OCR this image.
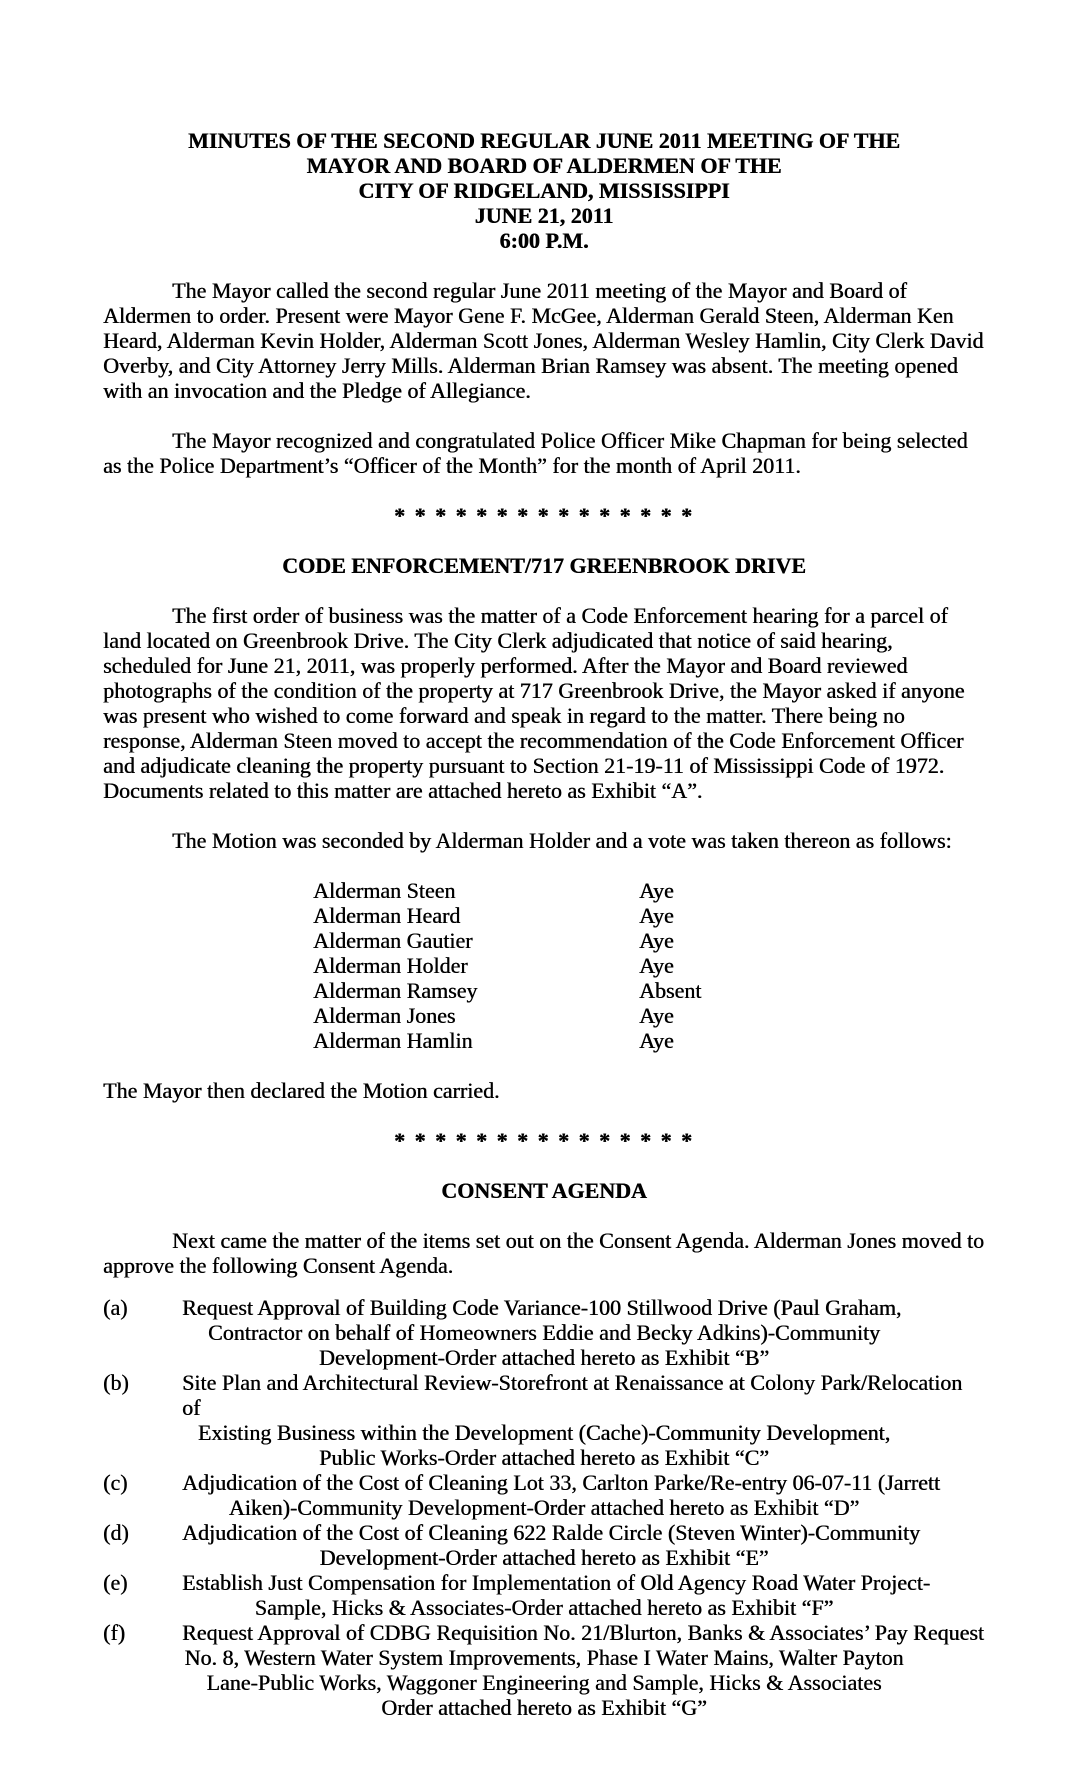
MINUTES OF THE SECOND REGULAR JUNE 2011 MEETING OF THE
MAYOR AND BOARD OF ALDERMEN OF THE
CITY OF RIDGELAND, MISSISSIPPI
JUNE 21, 2011
6:00 P.M.
The Mayor called the second regular June 2011 meeting of the Mayor and Board of Aldermen to order. Present were Mayor Gene F. McGee, Alderman Gerald Steen, Alderman Ken Heard, Alderman Kevin Holder, Alderman Scott Jones, Alderman Wesley Hamlin, City Clerk David Overby, and City Attorney Jerry Mills. Alderman Brian Ramsey was absent. The meeting opened with an invocation and the Pledge of Allegiance.
The Mayor recognized and congratulated Police Officer Mike Chapman for being selected as the Police Department’s “Officer of the Month” for the month of April 2011.
* * * * * * * * * * * * * * *
CODE ENFORCEMENT/717 GREENBROOK DRIVE
The first order of business was the matter of a Code Enforcement hearing for a parcel of land located on Greenbrook Drive. The City Clerk adjudicated that notice of said hearing, scheduled for June 21, 2011, was properly performed. After the Mayor and Board reviewed photographs of the condition of the property at 717 Greenbrook Drive, the Mayor asked if anyone was present who wished to come forward and speak in regard to the matter. There being no response, Alderman Steen moved to accept the recommendation of the Code Enforcement Officer and adjudicate cleaning the property pursuant to Section 21-19-11 of Mississippi Code of 1972. Documents related to this matter are attached hereto as Exhibit “A”.
The Motion was seconded by Alderman Holder and a vote was taken thereon as follows:
Alderman Steen	Aye
Alderman Heard	Aye
Alderman Gautier	Aye
Alderman Holder	Aye
Alderman Ramsey	Absent
Alderman Jones	Aye
Alderman Hamlin	Aye
The Mayor then declared the Motion carried.
* * * * * * * * * * * * * * *
CONSENT AGENDA
Next came the matter of the items set out on the Consent Agenda. Alderman Jones moved to approve the following Consent Agenda.
(a) Request Approval of Building Code Variance-100 Stillwood Drive (Paul Graham,
Contractor on behalf of Homeowners Eddie and Becky Adkins)-Community
Development-Order attached hereto as Exhibit “B”
(b) Site Plan and Architectural Review-Storefront at Renaissance at Colony Park/Relocation of
Existing Business within the Development (Cache)-Community Development,
Public Works-Order attached hereto as Exhibit “C”
(c) Adjudication of the Cost of Cleaning Lot 33, Carlton Parke/Re-entry 06-07-11 (Jarrett
Aiken)-Community Development-Order attached hereto as Exhibit “D”
(d) Adjudication of the Cost of Cleaning 622 Ralde Circle (Steven Winter)-Community
Development-Order attached hereto as Exhibit “E”
(e) Establish Just Compensation for Implementation of Old Agency Road Water Project-
Sample, Hicks & Associates-Order attached hereto as Exhibit “F”
(f)	Request Approval of CDBG Requisition No. 21/Blurton, Banks & Associates’ Pay Request
No. 8, Western Water System Improvements, Phase I Water Mains, Walter Payton
Lane-Public Works, Waggoner Engineering and Sample, Hicks & Associates
Order attached hereto as Exhibit “G”
